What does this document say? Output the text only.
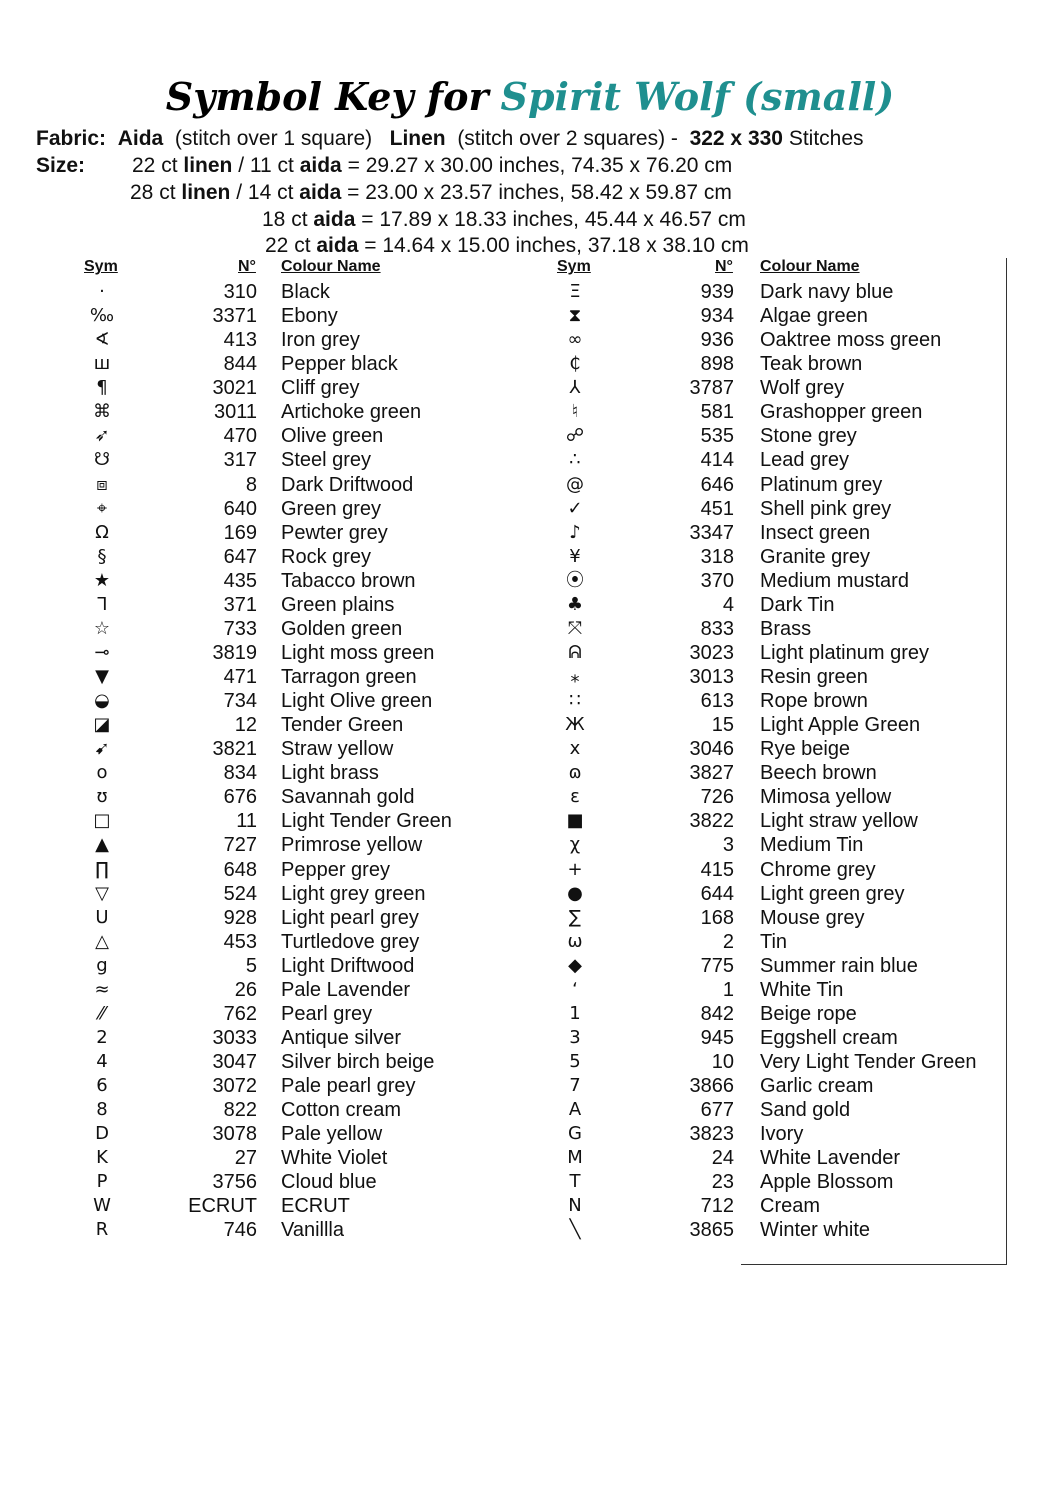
Symbol Key for Spirit Wolf (small)
Fabric: Aida (stitch over 1 square) Linen (stitch over 2 squares) - 322 x 330 Stitches
Size: 22 ct linen / 11 ct aida = 29.27 x 30.00 inches, 74.35 x 76.20 cm
28 ct linen / 14 ct aida = 23.00 x 23.57 inches, 58.42 x 59.87 cm
18 ct aida = 17.89 x 18.33 inches, 45.44 x 46.57 cm
22 ct aida = 14.64 x 15.00 inches, 37.18 x 38.10 cm
Sym	N° Colour Name	Sym	N° Colour Name
·	310 Black	Ξ	939 Dark navy blue
‰	3371 Ebony	⧗	934 Algae green
∢	413 Iron grey	∞	936 Oaktree moss green
ш	844 Pepper black	₵	898 Teak brown
¶	3021 Cliff grey	⅄	3787 Wolf grey
⌘	3011 Artichoke green	♮	581 Grashopper green
➶	470 Olive green	☍	535 Stone grey
☋	317 Steel grey	∴	414 Lead grey
⧈	8 Dark Driftwood	@	646 Platinum grey
⌖	640 Green grey	✓	451 Shell pink grey
Ω	169 Pewter grey	♪	3347 Insect green
§	647 Rock grey	¥	318 Granite grey
★	435 Tabacco brown	⦿	370 Medium mustard
ᒣ	371 Green plains	♣	4 Dark Tin
☆	733 Golden green	⤧	833 Brass
⊸	3819 Light moss green	ᕱ	3023 Light platinum grey
▼	471 Tarragon green	⁎	3013 Resin green
◒	734 Light Olive green	∷	613 Rope brown
◪	12 Tender Green	Ж	15 Light Apple Green
➹	3821 Straw yellow	x	3046 Rye beige
o	834 Light brass	ɷ	3827 Beech brown
ʊ	676 Savannah gold	ɛ	726 Mimosa yellow
□	11 Light Tender Green	■	3822 Light straw yellow
▲	727 Primrose yellow	χ	3 Medium Tin
∏	648 Pepper grey	+	415 Chrome grey
▽	524 Light grey green	●	644 Light green grey
ᑌ	928 Light pearl grey	∑	168 Mouse grey
△	453 Turtledove grey	ω	2 Tin
g	5 Light Driftwood	◆	775 Summer rain blue
≈	26 Pale Lavender	ʻ	1 White Tin
⁄⁄	762 Pearl grey	1	842 Beige rope
2	3033 Antique silver	3	945 Eggshell cream
4	3047 Silver birch beige	5	10 Very Light Tender Green
6	3072 Pale pearl grey	7	3866 Garlic cream
8	822 Cotton cream	A	677 Sand gold
D	3078 Pale yellow	G	3823 Ivory
K	27 White Violet	M	24 White Lavender
P	3756 Cloud blue	T	23 Apple Blossom
W	ECRUT ECRUT	N	712 Cream
R	746 Vanillla	╲	3865 Winter white
